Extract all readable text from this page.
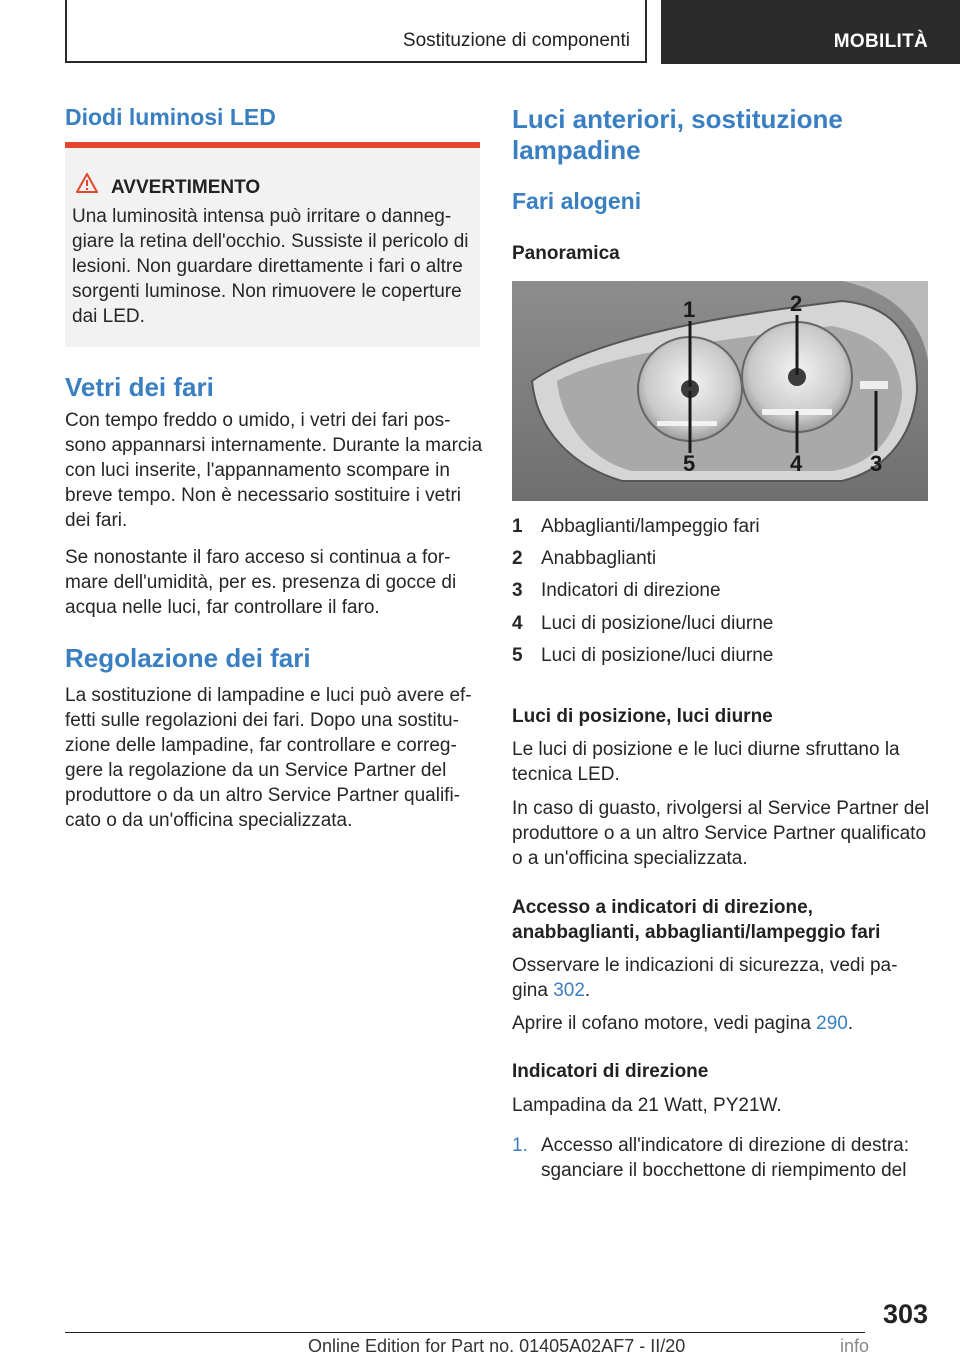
Sostituzione di componenti	MOBILITÀ
Diodi luminosi LED
AVVERTIMENTO
Una luminosità intensa può irritare o danneg-
giare la retina dell'occhio. Sussiste il pericolo di
lesioni. Non guardare direttamente i fari o altre
sorgenti luminose. Non rimuovere le coperture
dai LED.
Vetri dei fari
Con tempo freddo o umido, i vetri dei fari pos-
sono appannarsi internamente. Durante la marcia
con luci inserite, l'appannamento scompare in
breve tempo. Non è necessario sostituire i vetri
dei fari.
Se nonostante il faro acceso si continua a for-
mare dell'umidità, per es. presenza di gocce di
acqua nelle luci, far controllare il faro.
Regolazione dei fari
La sostituzione di lampadine e luci può avere ef-
fetti sulle regolazioni dei fari. Dopo una sostitu-
zione delle lampadine, far controllare e correg-
gere la regolazione da un Service Partner del
produttore o da un altro Service Partner qualifi-
cato o da un'officina specializzata.
Luci anteriori, sostituzione
lampadine
Fari alogeni
Panoramica
1	2
3
4
5
1 Abbaglianti/lampeggio fari
2 Anabbaglianti
3 Indicatori di direzione
4 Luci di posizione/luci diurne
5 Luci di posizione/luci diurne
Luci di posizione, luci diurne
Le luci di posizione e le luci diurne sfruttano la
tecnica LED.
In caso di guasto, rivolgersi al Service Partner del
produttore o a un altro Service Partner qualificato
o a un'officina specializzata.
Accesso a indicatori di direzione,
anabbaglianti, abbaglianti/lampeggio fari
Osservare le indicazioni di sicurezza, vedi pa-
gina 302.
Aprire il cofano motore, vedi pagina 290.
Indicatori di direzione
Lampadina da 21 Watt, PY21W.
1. Accesso all'indicatore di direzione di destra:
sganciare il bocchettone di riempimento del
303
Online Edition for Part no. 01405A02AF7 - II/20	info
